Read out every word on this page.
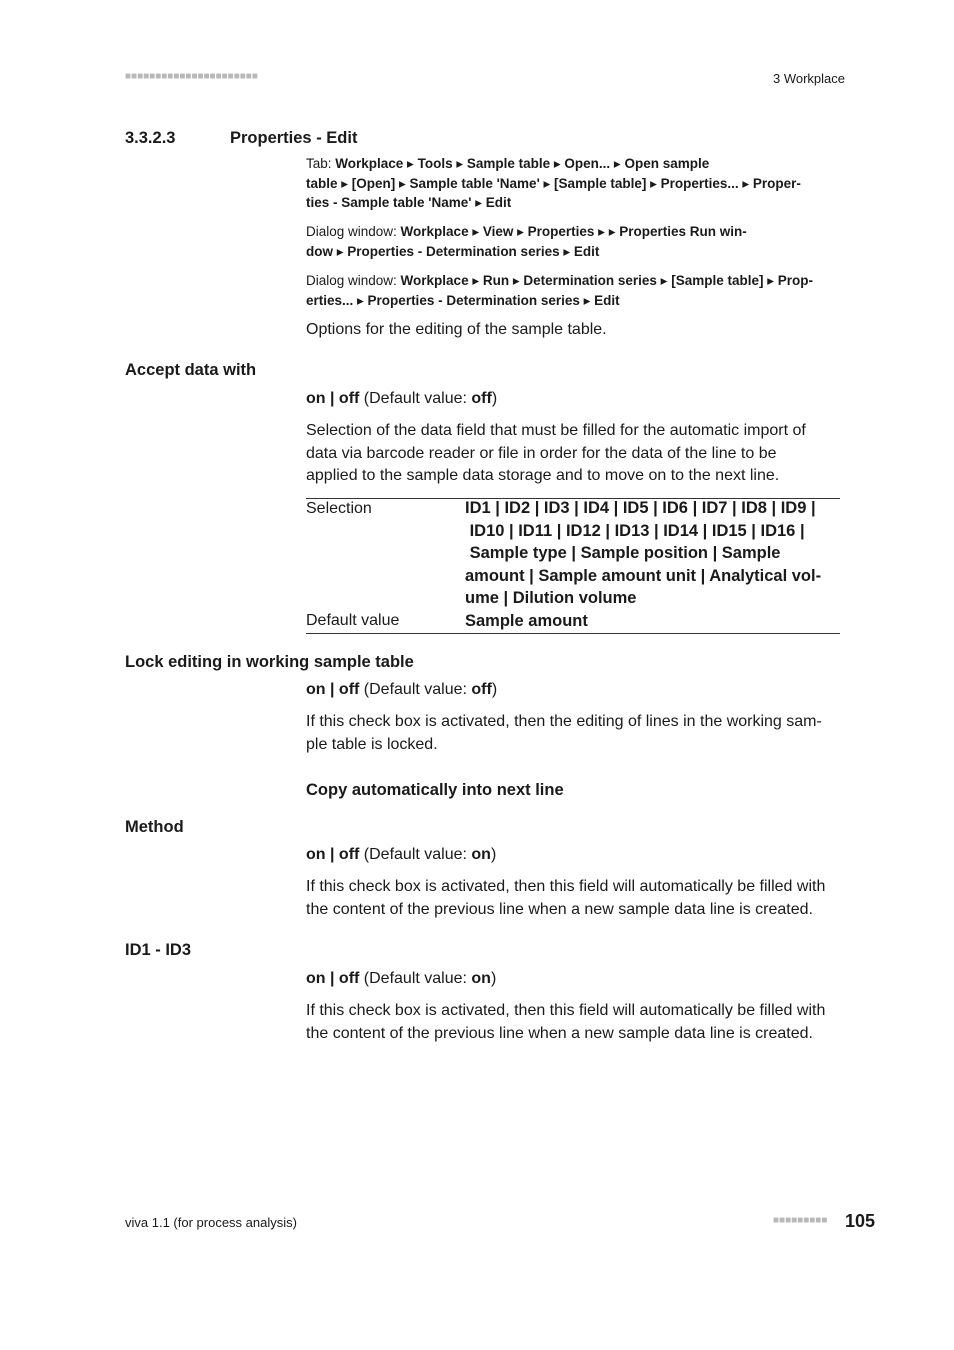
■■■■■■■■■■■■■■■■■■■■■■	3 Workplace
3.3.2.3	Properties - Edit
Tab: Workplace ▸ Tools ▸ Sample table ▸ Open... ▸ Open sample
table ▸ [Open] ▸ Sample table 'Name' ▸ [Sample table] ▸ Properties... ▸ Proper-
ties - Sample table 'Name' ▸ Edit
Dialog window: Workplace ▸ View ▸ Properties ▸ ▸ Properties Run win-
dow ▸ Properties - Determination series ▸ Edit
Dialog window: Workplace ▸ Run ▸ Determination series ▸ [Sample table] ▸ Prop-
erties... ▸ Properties - Determination series ▸ Edit
Options for the editing of the sample table.
Accept data with
on | off (Default value: off)
Selection of the data field that must be filled for the automatic import of
data via barcode reader or file in order for the data of the line to be
applied to the sample data storage and to move on to the next line.
Selection	ID1 | ID2 | ID3 | ID4 | ID5 | ID6 | ID7 | ID8 | ID9 |
ID10 | ID11 | ID12 | ID13 | ID14 | ID15 | ID16 |
Sample type | Sample position | Sample
amount | Sample amount unit | Analytical vol-
ume | Dilution volume
Default value	Sample amount
Lock editing in working sample table
on | off (Default value: off)
If this check box is activated, then the editing of lines in the working sam-
ple table is locked.
Copy automatically into next line
Method
on | off (Default value: on)
If this check box is activated, then this field will automatically be filled with
the content of the previous line when a new sample data line is created.
ID1 - ID3
on | off (Default value: on)
If this check box is activated, then this field will automatically be filled with
the content of the previous line when a new sample data line is created.
viva 1.1 (for process analysis)	■■■■■■■■■ 105
